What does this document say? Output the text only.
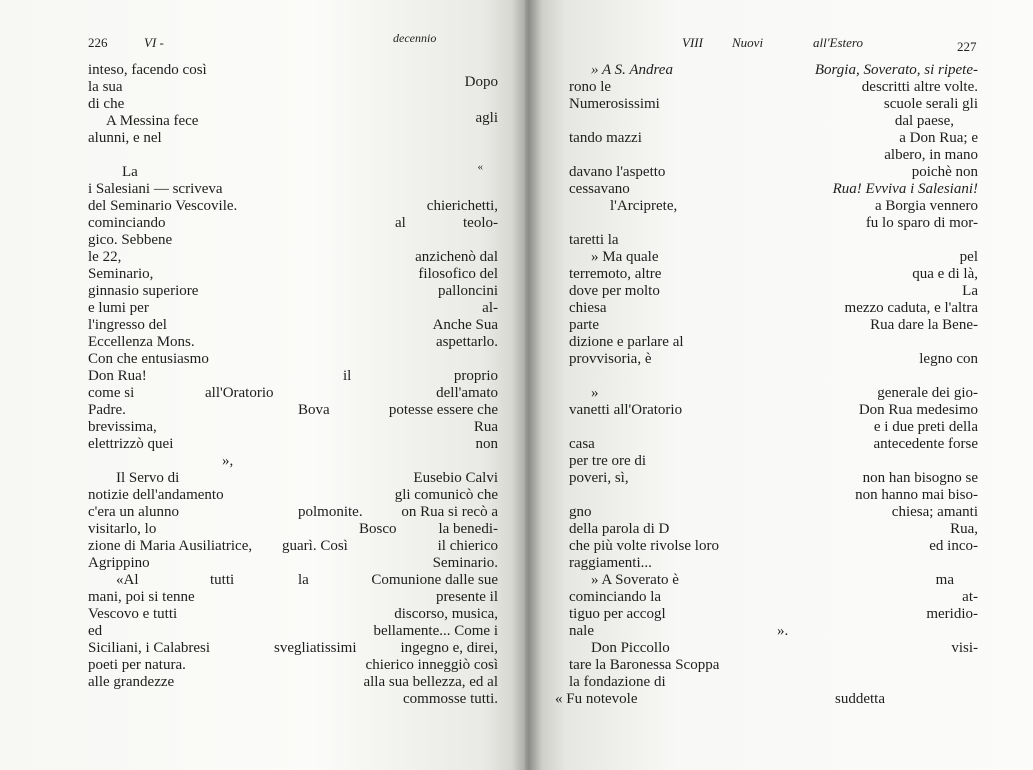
226	VI -	decennio
inteso, facendo così
la sua
di che
A Messina fece
alunni, e nel
La
i Salesiani — scriveva
del Seminario Vescovile.
cominciando
gico. Sebbene
le 22,
Seminario,
ginnasio superiore
e lumi per
l'ingresso del
Eccellenza Mons.
Con che entusiasmo
Don Rua!
come si
Padre.
brevissima,
elettrizzò quei
Il Servo di
notizie dell'andamento
c'era un alunno
visitarlo, lo
zione di Maria Ausiliatrice,
Agrippino
«Al
mani, poi si tenne
Vescovo e tutti
ed
Siciliani, i Calabresi
poeti per natura.
alle grandezze
»,
il
all'Oratorio
Bova
tutti
al
polmonite.
guarì. Così
la
svegliatissimi
Dopo
agli
«
chierichetti,
teolo-
anzichenò dal
filosofico del
palloncini
al-
Anche Sua
aspettarlo.
proprio
dell'amato
potesse essere che
Rua
non
Eusebio Calvi
gli comunicò che
on Rua si recò a
Bosco	la benedi-
il chierico
Seminario.
Comunione dalle sue
presente il
discorso, musica,
bellamente... Come i
ingegno e, direi,
chierico inneggiò così
alla sua bellezza, ed al
commosse tutti.
VIII Nuovi	all'Estero	227
» A S. Andrea
rono le
Numerosissimi
tando mazzi
davano l'aspetto
cessavano
l'Arciprete,
taretti la
» Ma quale
terremoto, altre
dove per molto
chiesa
parte
dizione e parlare al
provvisoria, è
»
vanetti all'Oratorio
casa
per tre ore di
poveri, sì,
gno
della parola di D
che più volte rivolse loro
raggiamenti...
» A Soverato è
cominciando la
tiguo per accogl
nale
Don Piccollo
tare la Baronessa Scoppa
la fondazione di
« Fu notevole
Borgia, Soverato, si ripete-
descritti altre volte.
scuole serali gli
dal paese,
a Don Rua; e
albero, in mano
poichè non
Rua! Evviva i Salesiani!
a Borgia vennero
fu lo sparo di mor-
pel
qua e di là,
La
mezzo caduta, e l'altra
Rua dare la Bene-
legno con
generale dei gio-
Don Rua medesimo
e i due preti della
antecedente forse
non han bisogno se
non hanno mai biso-
chiesa; amanti
Rua,
ed inco-
ma
at-
meridio-
».
visi-
suddetta
